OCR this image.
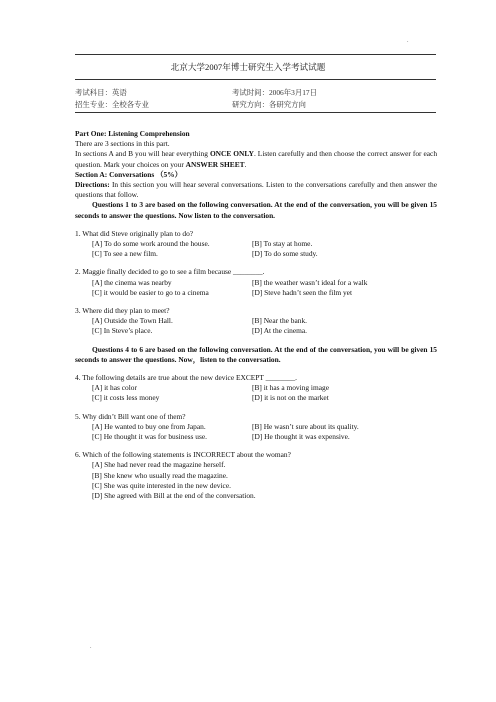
.
北京大学2007年博士研究生入学考试试题
考试科目：英语	考试时间：2006年3月17日
招生专业：全校各专业	研究方向：各研究方向

Part One: Listening Comprehension

There are 3 sections in this part.

In sections A and B you will hear everything ONCE ONLY. Listen carefully and then choose the correct answer for each question. Mark your choices on your ANSWER SHEET.

Section A: Conversations （5%）

Directions: In this section you will hear several conversations. Listen to the conversations carefully and then answer the questions that follow.

Questions 1 to 3 are based on the following conversation. At the end of the conversation, you will be given 15 seconds to answer the questions. Now listen to the conversation.

1. What did Steve originally plan to do?

[A] To do some work around the house.	[B] To stay at home.
[C] To see a new film.	[D] To do some study.

2. Maggie finally decided to go to see a film because ________.

[A] the cinema was nearby	[B] the weather wasn’t ideal for a walk
[C] it would be easier to go to a cinema	[D] Steve hadn’t seen the film yet

3. Where did they plan to meet?

[A] Outside the Town Hall.	[B] Near the bank.
[C] In Steve’s place.	[D] At the cinema.

Questions 4 to 6 are based on the following conversation. At the end of the conversation, you will be given 15 seconds to answer the questions. Now，listen to the conversation.

4. The following details are true about the new device EXCEPT ________.

[A] it has color	[B] it has a moving image
[C] it costs less money	[D] it is not on the market

5. Why didn’t Bill want one of them?

[A] He wanted to buy one from Japan.	[B] He wasn’t sure about its quality.
[C] He thought it was for business use.	[D] He thought it was expensive.

6. Which of the following statements is INCORRECT about the woman?

[A] She had never read the magazine herself.

[B] She knew who usually read the magazine.

[C] She was quite interested in the new device.

[D] She agreed with Bill at the end of the conversation.

.
